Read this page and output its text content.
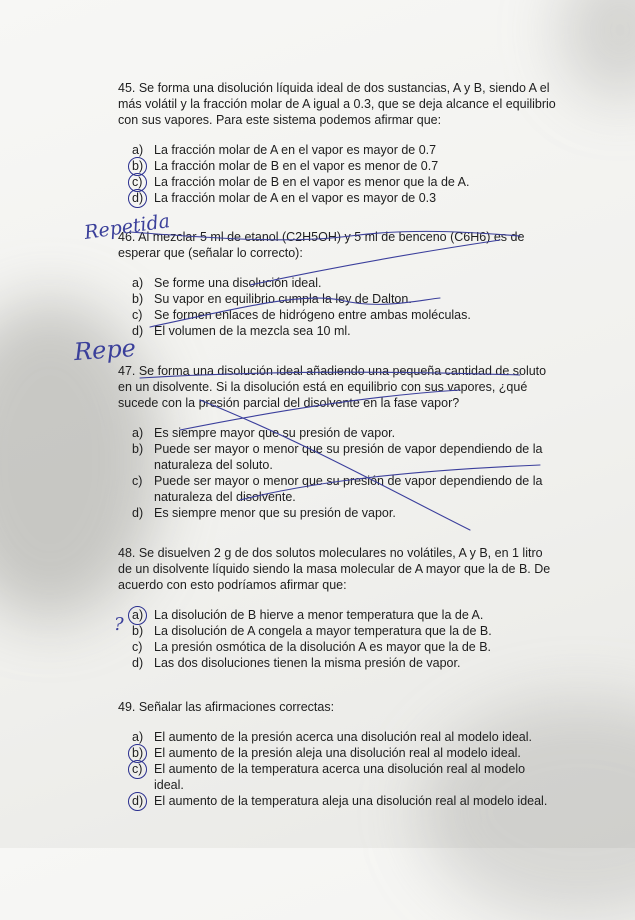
45. Se forma una disolución líquida ideal de dos sustancias, A y B, siendo A el más volátil y la fracción molar de A igual a 0.3, que se deja alcance el equilibrio con sus vapores. Para este sistema podemos afirmar que:

a) La fracción molar de A en el vapor es mayor de 0.7

b) La fracción molar de B en el vapor es menor de 0.7

c) La fracción molar de B en el vapor es menor que la de A.

d) La fracción molar de A en el vapor es mayor de 0.3

46. Al mezclar 5 ml de etanol (C2H5OH) y 5 ml de benceno (C6H6) es de esperar que (señalar lo correcto):

a) Se forme una disolución ideal.

b) Su vapor en equilibrio cumpla la ley de Dalton.

c) Se formen enlaces de hidrógeno entre ambas moléculas.

d) El volumen de la mezcla sea 10 ml.

47. Se forma una disolución ideal añadiendo una pequeña cantidad de soluto en un disolvente. Si la disolución está en equilibrio con sus vapores, ¿qué sucede con la presión parcial del disolvente en la fase vapor?

a) Es siempre mayor que su presión de vapor.

b) Puede ser mayor o menor que su presión de vapor dependiendo de la naturaleza del soluto.

c) Puede ser mayor o menor que su presión de vapor dependiendo de la naturaleza del disolvente.

d) Es siempre menor que su presión de vapor.

48. Se disuelven 2 g de dos solutos moleculares no volátiles, A y B, en 1 litro de un disolvente líquido siendo la masa molecular de A mayor que la de B. De acuerdo con esto podríamos afirmar que:

a) La disolución de B hierve a menor temperatura que la de A.

b) La disolución de A congela a mayor temperatura que la de B.

c) La presión osmótica de la disolución A es mayor que la de B.

d) Las dos disoluciones tienen la misma presión de vapor.

49. Señalar las afirmaciones correctas:

a) El aumento de la presión acerca una disolución real al modelo ideal.

b) El aumento de la presión aleja una disolución real al modelo ideal.

c) El aumento de la temperatura acerca una disolución real al modelo ideal.

d) El aumento de la temperatura aleja una disolución real al modelo ideal.

Repetida
Repe
?
